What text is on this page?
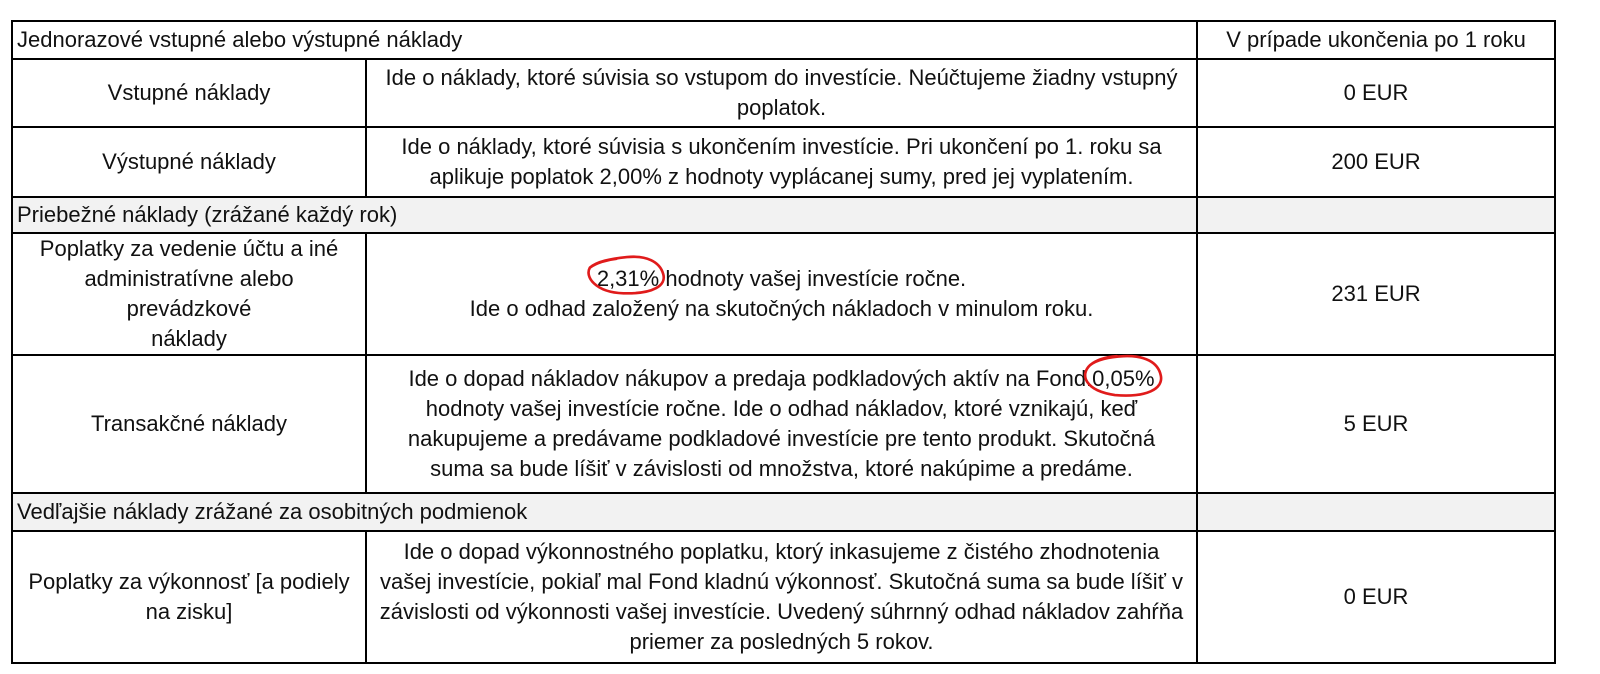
Jednorazové vstupné alebo výstupné náklady		V prípade ukončenia po 1 roku
Vstupné náklady	Ide o náklady, ktoré súvisia so vstupom do investície. Neúčtujeme žiadny vstupný
poplatok.	0 EUR
Výstupné náklady	Ide o náklady, ktoré súvisia s ukončením investície. Pri ukončení po 1. roku sa
aplikuje poplatok 2,00% z hodnoty vyplácanej sumy, pred jej vyplatením.	200 EUR
Priebežné náklady (zrážané každý rok)		
Poplatky za vedenie účtu a iné
administratívne alebo prevádzkové
náklady	2,31% hodnoty vašej investície ročne.
Ide o odhad založený na skutočných nákladoch v minulom roku.	231 EUR
Transakčné náklady	Ide o dopad nákladov nákupov a predaja podkladových aktív na Fond.0,05%
hodnoty vašej investície ročne. Ide o odhad nákladov, ktoré vznikajú, keď
nakupujeme a predávame podkladové investície pre tento produkt. Skutočná
suma sa bude líšiť v závislosti od množstva, ktoré nakúpime a predáme.	5 EUR
Vedľajšie náklady zrážané za osobitných podmienok		
Poplatky za výkonnosť [a podiely
na zisku]	Ide o dopad výkonnostného poplatku, ktorý inkasujeme z čistého zhodnotenia
vašej investície, pokiaľ mal Fond kladnú výkonnosť. Skutočná suma sa bude líšiť v
závislosti od výkonnosti vašej investície. Uvedený súhrnný odhad nákladov zahŕňa
priemer za posledných 5 rokov.	0 EUR
